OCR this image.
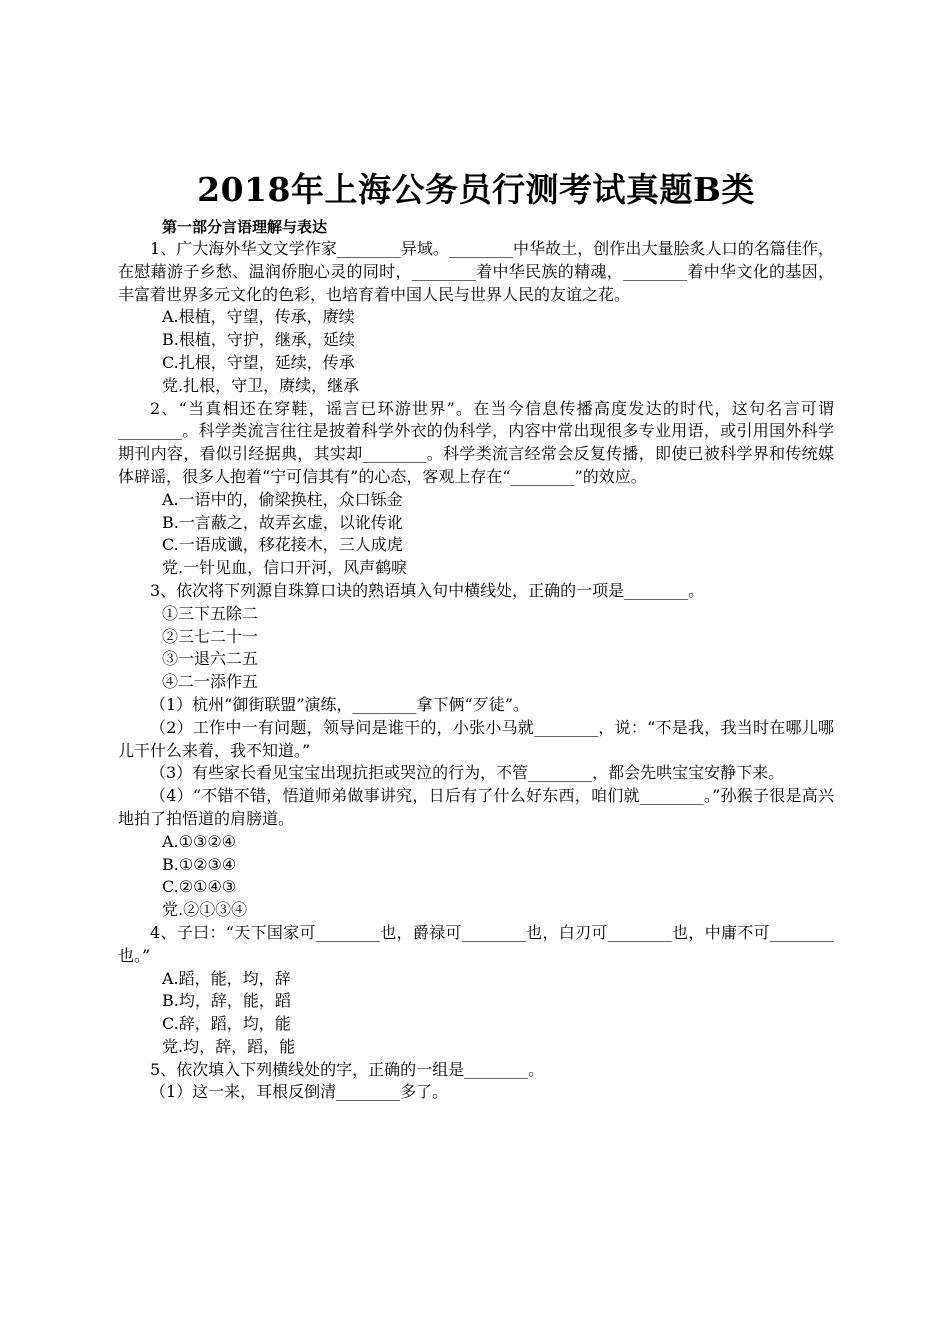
2018年上海公务员行测考试真题B类
第一部分言语理解与表达

1、广大海外华文文学作家________异域。________中华故土，创作出大量脍炙人口的名篇佳作，在慰藉游子乡愁、温润侨胞心灵的同时，________着中华民族的精魂，________着中华文化的基因，丰富着世界多元文化的色彩，也培育着中国人民与世界人民的友谊之花。

A.根植，守望，传承，赓续

B.根植，守护，继承，延续

C.扎根，守望，延续，传承

党.扎根，守卫，赓续，继承

2、“当真相还在穿鞋，谣言已环游世界”。在当今信息传播高度发达的时代，这句名言可谓________。科学类流言往往是披着科学外衣的伪科学，内容中常出现很多专业用语，或引用国外科学期刊内容，看似引经据典，其实却________。科学类流言经常会反复传播，即使已被科学界和传统媒体辟谣，很多人抱着“宁可信其有”的心态，客观上存在“________”的效应。

A.一语中的，偷梁换柱，众口铄金

B.一言蔽之，故弄玄虚，以讹传讹

C.一语成谶，移花接木，三人成虎

党.一针见血，信口开河，风声鹤唳

3、依次将下列源自珠算口诀的熟语填入句中横线处，正确的一项是________。

①三下五除二

②三七二十一

③一退六二五

④二一添作五

（1）杭州“御街联盟”演练，________拿下俩“歹徒”。

（2）工作中一有问题，领导问是谁干的，小张小马就________，说：“不是我，我当时在哪儿哪儿干什么来着，我不知道。”

（3）有些家长看见宝宝出现抗拒或哭泣的行为，不管________，都会先哄宝宝安静下来。

（4）“不错不错，悟道师弟做事讲究，日后有了什么好东西，咱们就________。”孙猴子很是高兴地拍了拍悟道的肩膀道。

A.①③②④

B.①②③④

C.②①④③

党.②①③④

4、子曰：“天下国家可________也，爵禄可________也，白刃可________也，中庸不可________也。”

A.蹈，能，均，辞

B.均，辞，能，蹈

C.辞，蹈，均，能

党.均，辞，蹈，能

5、依次填入下列横线处的字，正确的一组是________。

（1）这一来，耳根反倒清________多了。
